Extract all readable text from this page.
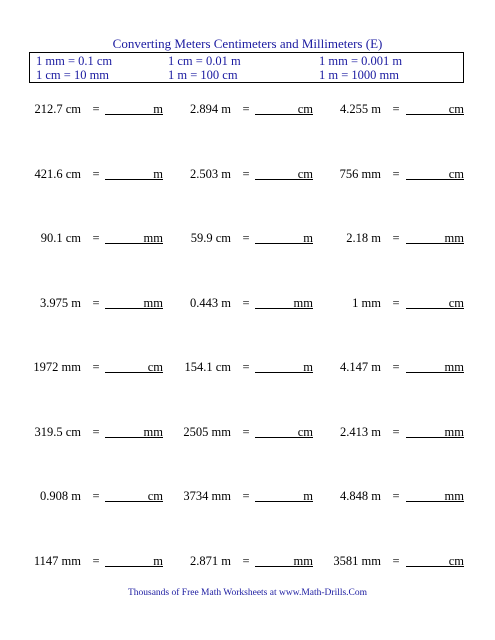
Converting Meters Centimeters and Millimeters (E)
1 mm = 0.1 cm	1 cm = 0.01 m	1 mm = 0.001 m
1 cm = 10 mm	1 m = 100 cm	1 m = 1000 mm
212.7 cm =	m	2.894 m =	cm	4.255 m =	cm
421.6 cm =	m	2.503 m =	cm	756 mm =	cm
90.1 cm =	mm	59.9 cm =	m	2.18 m =	mm
3.975 m =	mm	0.443 m =	mm	1 mm =	cm
1972 mm =	cm	154.1 cm =	m	4.147 m =	mm
319.5 cm =	mm	2505 mm =	cm	2.413 m =	mm
0.908 m =	cm	3734 mm =	m	4.848 m =	mm
1147 mm =	m	2.871 m =	mm	3581 mm =	cm
Thousands of Free Math Worksheets at www.Math-Drills.Com
